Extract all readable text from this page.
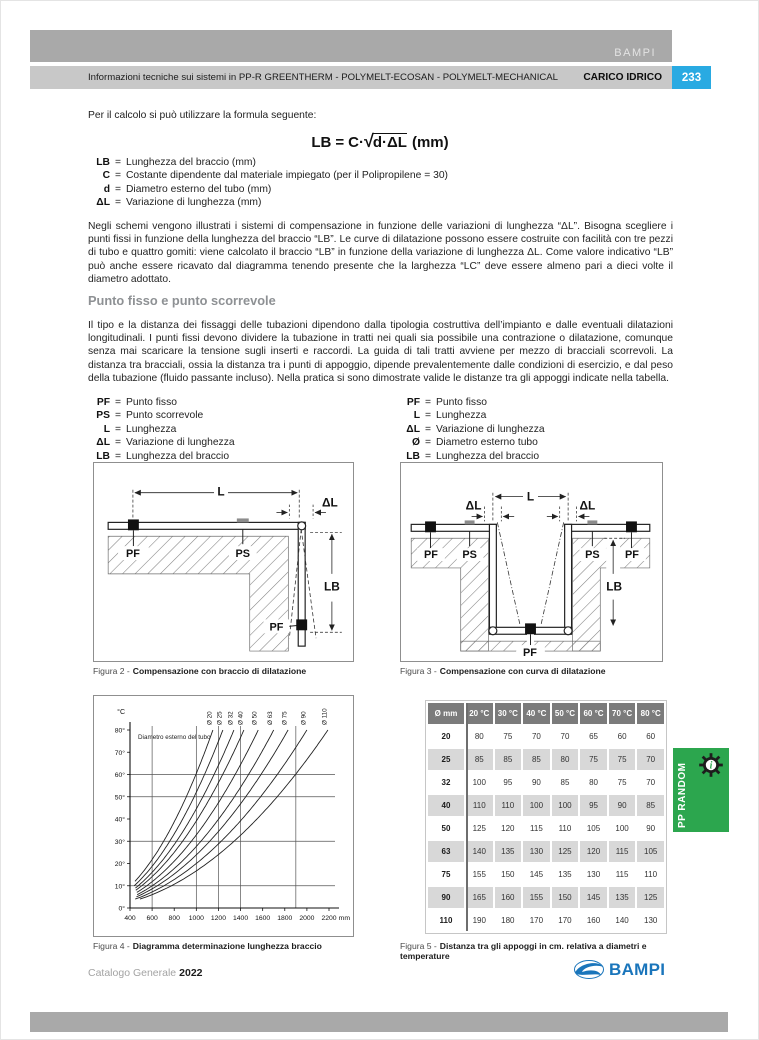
BAMPI
Informazioni tecniche sui sistemi in PP-R GREENTHERM - POLYMELT-ECOSAN - POLYMELT-MECHANICAL CARICO IDRICO	233
Per il calcolo si può utilizzare la formula seguente:
LB = C· √ d·ΔL (mm)
LB = Lunghezza del braccio (mm)
C = Costante dipendente dal materiale impiegato (per il Polipropilene = 30)
d = Diametro esterno del tubo (mm)
ΔL = Variazione di lunghezza (mm)
Negli schemi vengono illustrati i sistemi di compensazione in funzione delle variazioni di lunghezza “ΔL”. Bisogna scegliere i punti fissi in funzione della lunghezza del braccio “LB”. Le curve di dilatazione possono essere costruite con facilità con tre pezzi di tubo e quattro gomiti: viene calcolato il braccio “LB” in funzione della variazione di lunghezza ΔL. Come valore indicativo “LB” può anche essere ricavato dal diagramma tenendo presente che la larghezza “LC” deve essere almeno pari a dieci volte il diametro adottato.
Punto fisso e punto scorrevole
Il tipo e la distanza dei fissaggi delle tubazioni dipendono dalla tipologia costruttiva dell’impianto e dalle eventuali dilatazioni longitudinali. I punti fissi devono dividere la tubazione in tratti nei quali sia possibile una contrazione o dilatazione, comunque senza mai scaricare la tensione sugli inserti e raccordi. La guida di tali tratti avviene per mezzo di bracciali scorrevoli. La distanza tra bracciali, ossia la distanza tra i punti di appoggio, dipende prevalentemente dalle condizioni di esercizio, e dal peso della tubazione (fluido passante incluso). Nella pratica si sono dimostrate valide le distanze tra gli appoggi indicate nella tabella.
PF = Punto fisso
PS = Punto scorrevole
L = Lunghezza
ΔL = Variazione di lunghezza
LB = Lunghezza del braccio
PF = Punto fisso
L = Lunghezza
ΔL = Variazione di lunghezza
Ø = Diametro esterno tubo
LB = Lunghezza del braccio
PF	PS
L
ΔL
LB
PF
Figura 2 - Compensazione con braccio di dilatazione
PF PS	PS PF
L
ΔL	ΔL
LB
PF
Figura 3 - Compensazione con curva di dilatazione
400 600 800 1000 1200 1400 1600 1800 2000 2200 mm
0°
10°
20°
30°
40°
50°
60°
70°
80°
°C
Diametro esterno del tubo
Ø 20 Ø 25 Ø 32 Ø 40 Ø 50 Ø 63 Ø 75 Ø 90 Ø 110
Figura 4 - Diagramma determinazione lunghezza braccio
Ø mm	20 °C	30 °C	40 °C	50 °C	60 °C	70 °C	80 °C
20	80	75	70	70	65	60	60
25	85	85	85	80	75	75	70
32	100	95	90	85	80	75	70
40	110	110	100	100	95	90	85
50	125	120	115	110	105	100	90
63	140	135	130	125	120	115	105
75	155	150	145	135	130	115	110
90	165	160	155	150	145	135	125
110	190	180	170	170	160	140	130
Figura 5 - Distanza tra gli appoggi in cm. relativa a diametri e temperature
i
PP RANDOM
Catalogo Generale 2022	BAMPI
